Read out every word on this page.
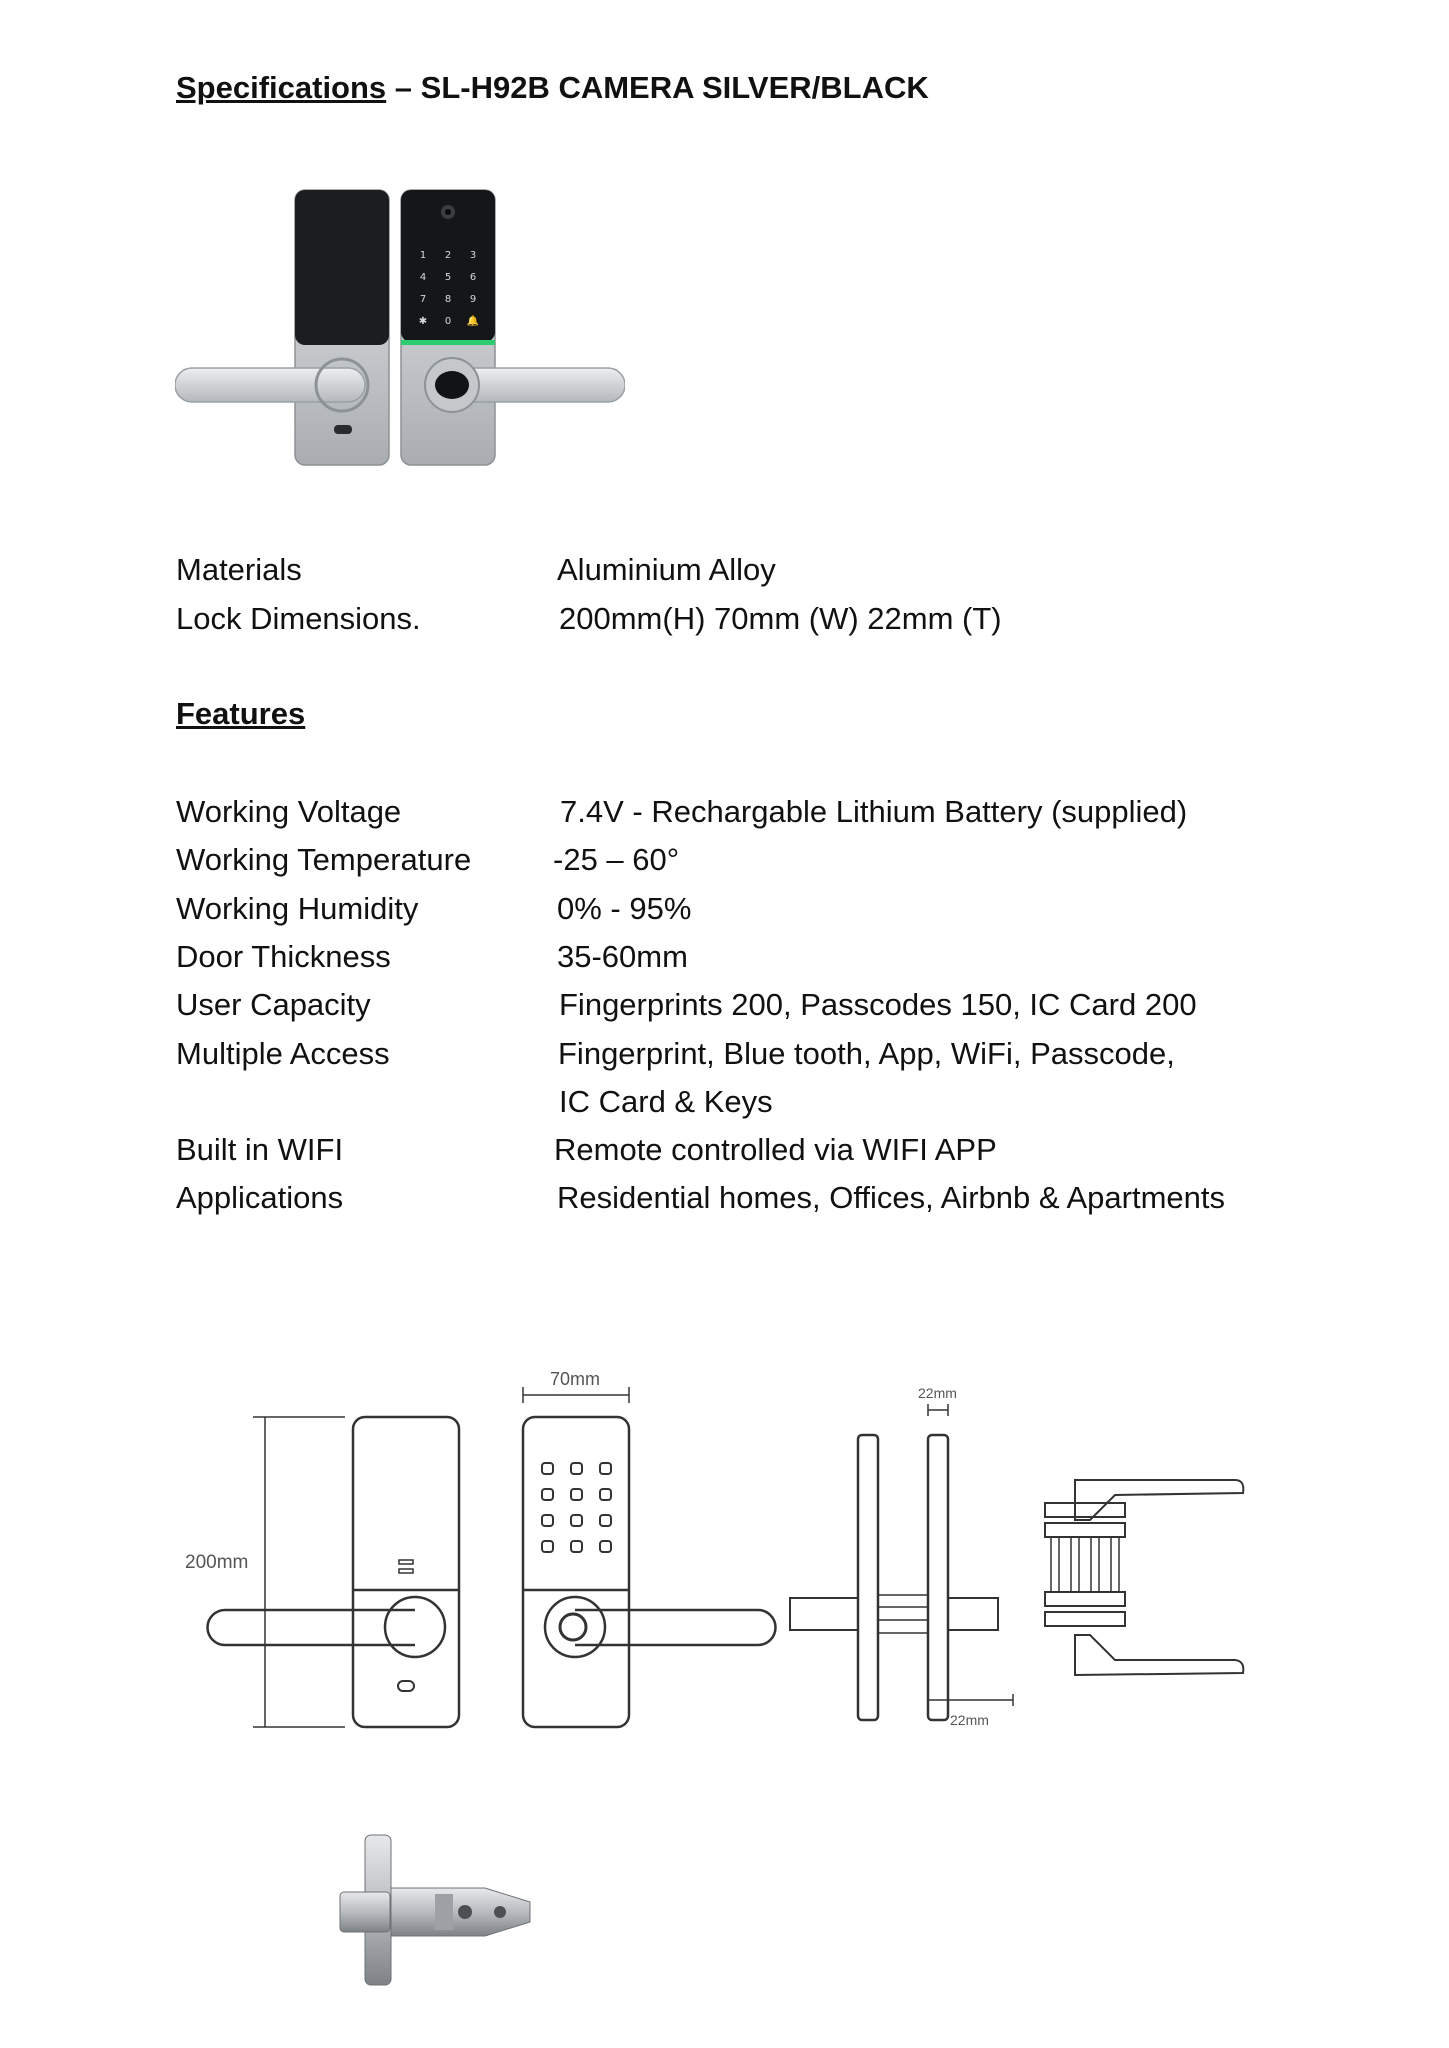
Specifications – SL-H92B CAMERA SILVER/BLACK
1 2 3
4 5 6
7 8 9
✱ 0 🔔
Materials	Aluminium Alloy
Lock Dimensions.	200mm(H) 70mm (W) 22mm (T)
Features
Working Voltage	7.4V - Rechargable Lithium Battery (supplied)
Working Temperature	-25 – 60°
Working Humidity	0% - 95%
Door Thickness	35-60mm
User Capacity	Fingerprints 200, Passcodes 150, IC Card 200
Multiple Access	Fingerprint, Blue tooth, App, WiFi, Passcode,
IC Card & Keys
Built in WIFI	Remote controlled via WIFI APP
Applications	Residential homes, Offices, Airbnb & Apartments
200mm
70mm
22mm
22mm
